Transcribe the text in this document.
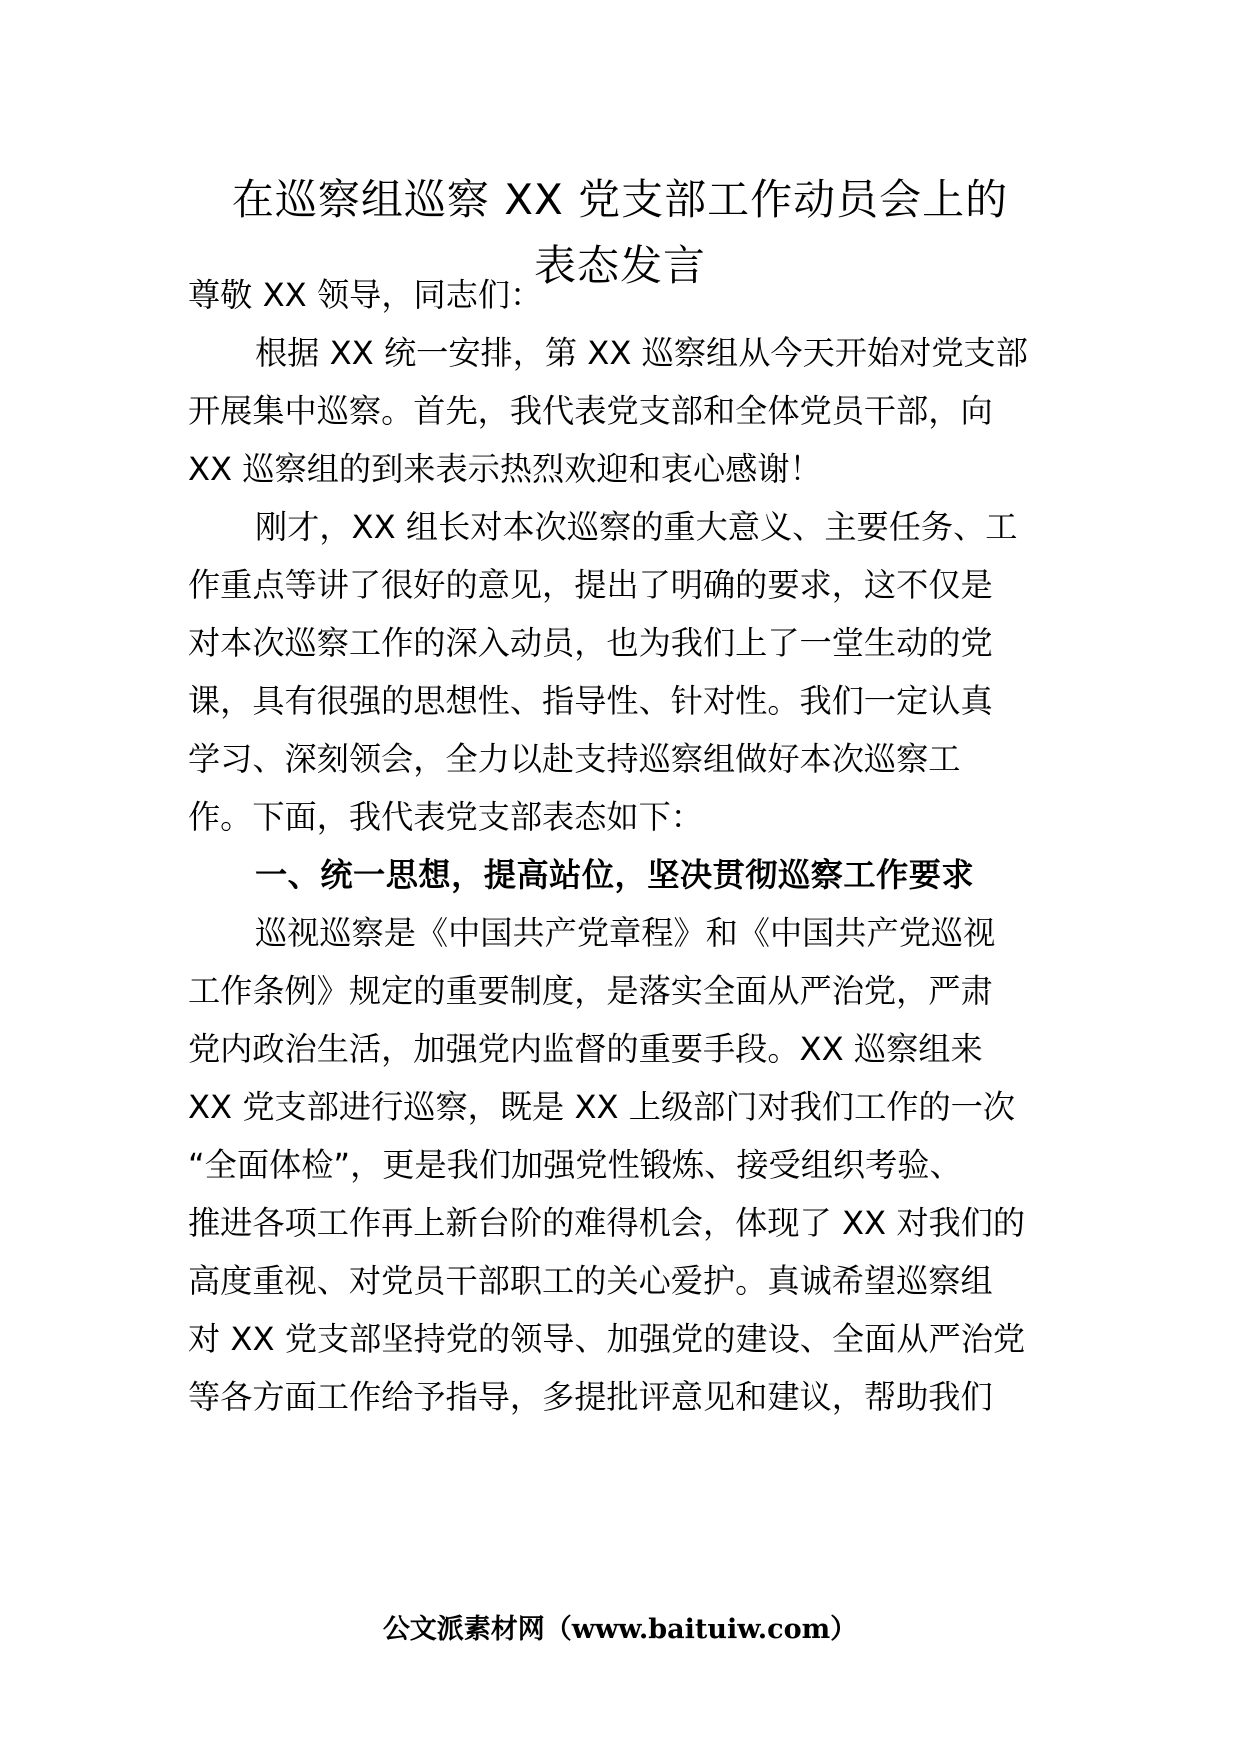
在巡察组巡察 XX 党支部工作动员会上的
表态发言
尊敬 XX 领导，同志们：
根据 XX 统一安排，第 XX 巡察组从今天开始对党支部
开展集中巡察。首先，我代表党支部和全体党员干部，向
XX 巡察组的到来表示热烈欢迎和衷心感谢！
刚才，XX 组长对本次巡察的重大意义、主要任务、工
作重点等讲了很好的意见，提出了明确的要求，这不仅是
对本次巡察工作的深入动员，也为我们上了一堂生动的党
课，具有很强的思想性、指导性、针对性。我们一定认真
学习、深刻领会，全力以赴支持巡察组做好本次巡察工
作。下面，我代表党支部表态如下：
一、统一思想，提高站位，坚决贯彻巡察工作要求
巡视巡察是《中国共产党章程》和《中国共产党巡视
工作条例》规定的重要制度，是落实全面从严治党，严肃
党内政治生活，加强党内监督的重要手段。XX 巡察组来
XX 党支部进行巡察，既是 XX 上级部门对我们工作的一次
“全面体检”，更是我们加强党性锻炼、接受组织考验、
推进各项工作再上新台阶的难得机会，体现了 XX 对我们的
高度重视、对党员干部职工的关心爱护。真诚希望巡察组
对 XX 党支部坚持党的领导、加强党的建设、全面从严治党
等各方面工作给予指导，多提批评意见和建议，帮助我们
公文派素材网（www.baituiw.com）
